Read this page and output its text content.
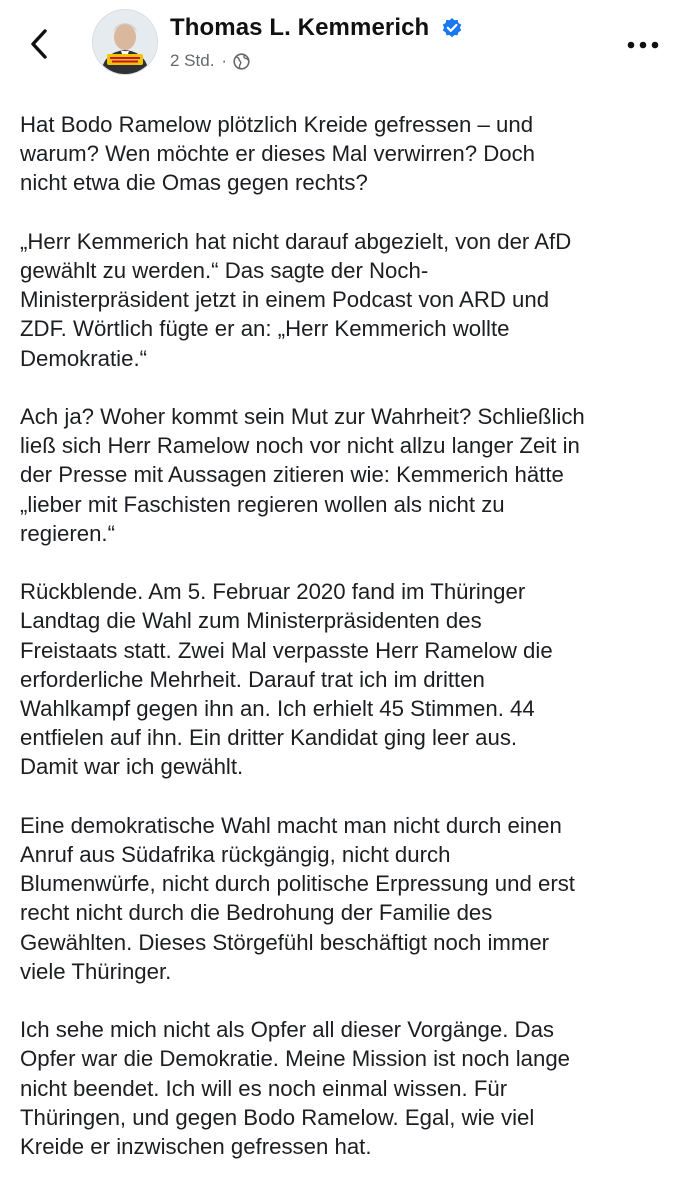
Thomas L. Kemmerich
2 Std. ·
Hat Bodo Ramelow plötzlich Kreide gefressen – und
warum? Wen möchte er dieses Mal verwirren? Doch
nicht etwa die Omas gegen rechts?
„Herr Kemmerich hat nicht darauf abgezielt, von der AfD
gewählt zu werden.“ Das sagte der Noch-
Ministerpräsident jetzt in einem Podcast von ARD und
ZDF. Wörtlich fügte er an: „Herr Kemmerich wollte
Demokratie.“
Ach ja? Woher kommt sein Mut zur Wahrheit? Schließlich
ließ sich Herr Ramelow noch vor nicht allzu langer Zeit in
der Presse mit Aussagen zitieren wie: Kemmerich hätte
„lieber mit Faschisten regieren wollen als nicht zu
regieren.“
Rückblende. Am 5. Februar 2020 fand im Thüringer
Landtag die Wahl zum Ministerpräsidenten des
Freistaats statt. Zwei Mal verpasste Herr Ramelow die
erforderliche Mehrheit. Darauf trat ich im dritten
Wahlkampf gegen ihn an. Ich erhielt 45 Stimmen. 44
entfielen auf ihn. Ein dritter Kandidat ging leer aus.
Damit war ich gewählt.
Eine demokratische Wahl macht man nicht durch einen
Anruf aus Südafrika rückgängig, nicht durch
Blumenwürfe, nicht durch politische Erpressung und erst
recht nicht durch die Bedrohung der Familie des
Gewählten. Dieses Störgefühl beschäftigt noch immer
viele Thüringer.
Ich sehe mich nicht als Opfer all dieser Vorgänge. Das
Opfer war die Demokratie. Meine Mission ist noch lange
nicht beendet. Ich will es noch einmal wissen. Für
Thüringen, und gegen Bodo Ramelow. Egal, wie viel
Kreide er inzwischen gefressen hat.
